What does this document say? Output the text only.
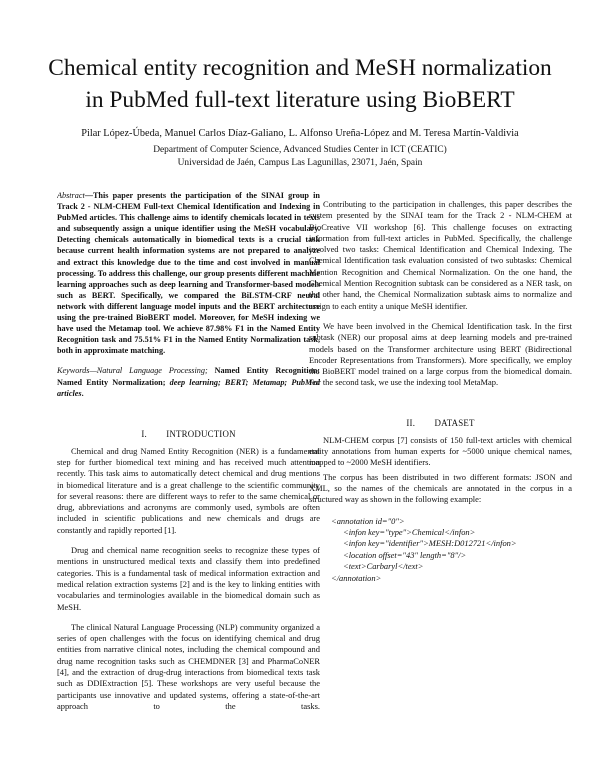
Chemical entity recognition and MeSH normalization
in PubMed full-text literature using BioBERT
Pilar López-Úbeda, Manuel Carlos Díaz-Galiano, L. Alfonso Ureña-López and M. Teresa Martín-Valdivia
Department of Computer Science, Advanced Studies Center in ICT (CEATIC)
Universidad de Jaén, Campus Las Lagunillas, 23071, Jaén, Spain

Abstract—This paper presents the participation of the SINAI group in Track 2 - NLM-CHEM Full-text Chemical Identification and Indexing in PubMed articles. This challenge aims to identify chemicals located in texts and subsequently assign a unique identifier using the MeSH vocabulary. Detecting chemicals automatically in biomedical texts is a crucial task because current health information systems are not prepared to analyze and extract this knowledge due to the time and cost involved in manual processing. To address this challenge, our group presents different machine learning approaches such as deep learning and Transformer-based models such as BERT. Specifically, we compared the BiLSTM-CRF neural network with different language model inputs and the BERT architecture using the pre-trained BioBERT model. Moreover, for MeSH indexing we have used the Metamap tool. We achieve 87.98% F1 in the Named Entity Recognition task and 75.51% F1 in the Named Entity Normalization task, both in approximate matching.

Keywords—Natural Language Processing; Named Entity Recognition; Named Entity Normalization; deep learning; BERT; Metamap; PubMed articles.

I.        INTRODUCTION

Chemical and drug Named Entity Recognition (NER) is a fundamental step for further biomedical text mining and has received much attention recently. This task aims to automatically detect chemical and drug mentions in biomedical literature and is a great challenge to the scientific community for several reasons: there are different ways to refer to the same chemical or drug, abbreviations and acronyms are commonly used, symbols are often included in scientific publications and new chemicals and drugs are constantly and rapidly reported [1].

Drug and chemical name recognition seeks to recognize these types of mentions in unstructured medical texts and classify them into predefined categories. This is a fundamental task of medical information extraction and medical relation extraction systems [2] and is the key to linking entities with vocabularies and terminologies available in the biomedical domain such as MeSH.

The clinical Natural Language Processing (NLP) community organized a series of open challenges with the focus on identifying chemical and drug entities from narrative clinical notes, including the chemical compound and drug name recognition tasks such as CHEMDNER [3] and PharmaCoNER [4], and the extraction of drug-drug interactions from biomedical texts task such as DDIExtraction [5]. These workshops are very useful because the participants use innovative and updated systems, offering a state-of-the-art approach to the tasks.

Contributing to the participation in challenges, this paper describes the system presented by the SINAI team for the Track 2 - NLM-CHEM at BioCreative VII workshop [6]. This challenge focuses on extracting information from full-text articles in PubMed. Specifically, the challenge involved two tasks: Chemical Identification and Chemical Indexing. The Chemical Identification task evaluation consisted of two subtasks: Chemical Mention Recognition and Chemical Normalization. On the one hand, the Chemical Mention Recognition subtask can be considered as a NER task, on the other hand, the Chemical Normalization subtask aims to normalize and assign to each entity a unique MeSH identifier.

We have been involved in the Chemical Identification task. In the first subtask (NER) our proposal aims at deep learning models and pre-trained models based on the Transformer architecture using BERT (Bidirectional Encoder Representations from Transformers). More specifically, we employ the BioBERT model trained on a large corpus from the biomedical domain. For the second task, we use the indexing tool MetaMap.

II.        DATASET

NLM-CHEM corpus [7] consists of 150 full-text articles with chemical entity annotations from human experts for ~5000 unique chemical names, mapped to ~2000 MeSH identifiers.

The corpus has been distributed in two different formats: JSON and XML, so the names of the chemicals are annotated in the corpus in a structured way as shown in the following example:

<annotation id="0">
<infon key="type">Chemical</infon>
<infon key="identifier">MESH:D012721</infon>
<location offset="43" length="8"/>
<text>Carbaryl</text>
</annotation>
